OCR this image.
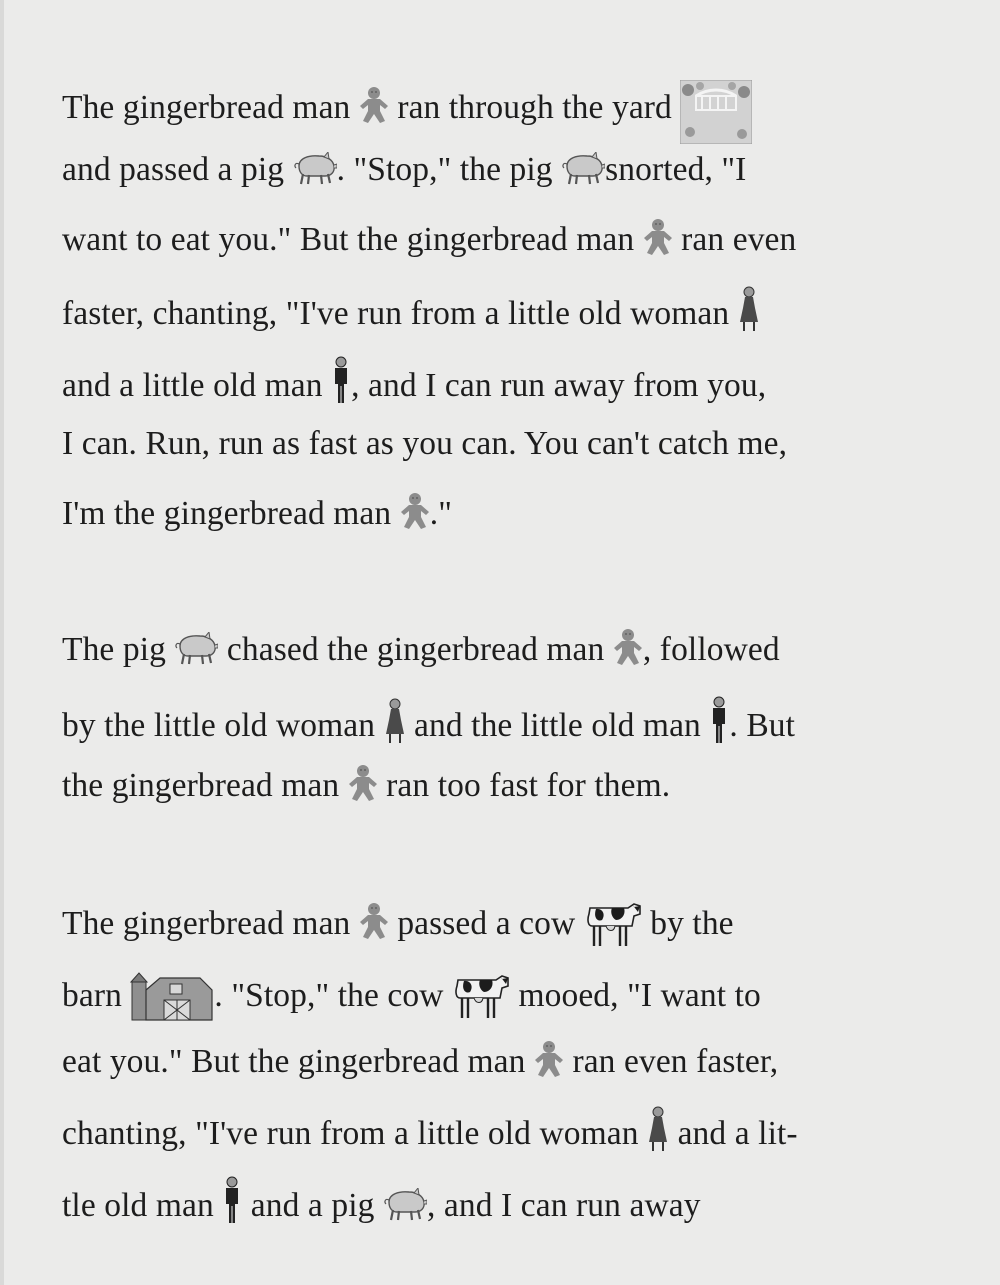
The gingerbread man
ran through the yard
and passed a pig
. "Stop," the pig
snorted, "I
want to eat you." But the gingerbread man
ran even
faster, chanting, "I've run from a little old woman
and a little old man
, and I can run away from you,
I can. Run, run as fast as you can. You can't catch me,
I'm the gingerbread man
."
The pig
chased the gingerbread man
, followed
by the little old woman
and the little old man
. But
the gingerbread man
ran too fast for them.
The gingerbread man
passed a cow
by the
barn	. "Stop," the cow
mooed, "I want to
eat you." But the gingerbread man
ran even faster,
chanting, "I've run from a little old woman
and a lit-
tle old man
and a pig
, and I can run away
